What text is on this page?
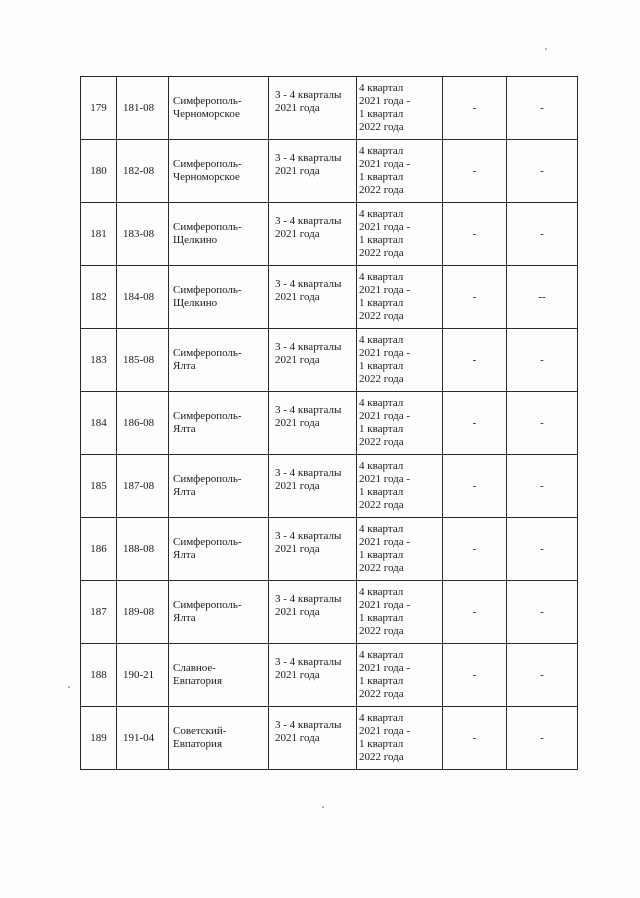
179	181-08	Симферополь-
Черноморское	3 - 4 кварталы
2021 года	4 квартал
2021 года -
1 квартал
2022 года	-	-
180	182-08	Симферополь-
Черноморское	3 - 4 кварталы
2021 года	4 квартал
2021 года -
1 квартал
2022 года	-	-
181	183-08	Симферополь-
Щелкино	3 - 4 кварталы
2021 года	4 квартал
2021 года -
1 квартал
2022 года	-	-
182	184-08	Симферополь-
Щелкино	3 - 4 кварталы
2021 года	4 квартал
2021 года -
1 квартал
2022 года	-	--
183	185-08	Симферополь-
Ялта	3 - 4 кварталы
2021 года	4 квартал
2021 года -
1 квартал
2022 года	-	-
184	186-08	Симферополь-
Ялта	3 - 4 кварталы
2021 года	4 квартал
2021 года -
1 квартал
2022 года	-	-
185	187-08	Симферополь-
Ялта	3 - 4 кварталы
2021 года	4 квартал
2021 года -
1 квартал
2022 года	-	-
186	188-08	Симферополь-
Ялта	3 - 4 кварталы
2021 года	4 квартал
2021 года -
1 квартал
2022 года	-	-
187	189-08	Симферополь-
Ялта	3 - 4 кварталы
2021 года	4 квартал
2021 года -
1 квартал
2022 года	-	-
188	190-21	Славное-
Евпатория	3 - 4 кварталы
2021 года	4 квартал
2021 года -
1 квартал
2022 года	-	-
189	191-04	Советский-
Евпатория	3 - 4 кварталы
2021 года	4 квартал
2021 года -
1 квартал
2022 года	-	-
